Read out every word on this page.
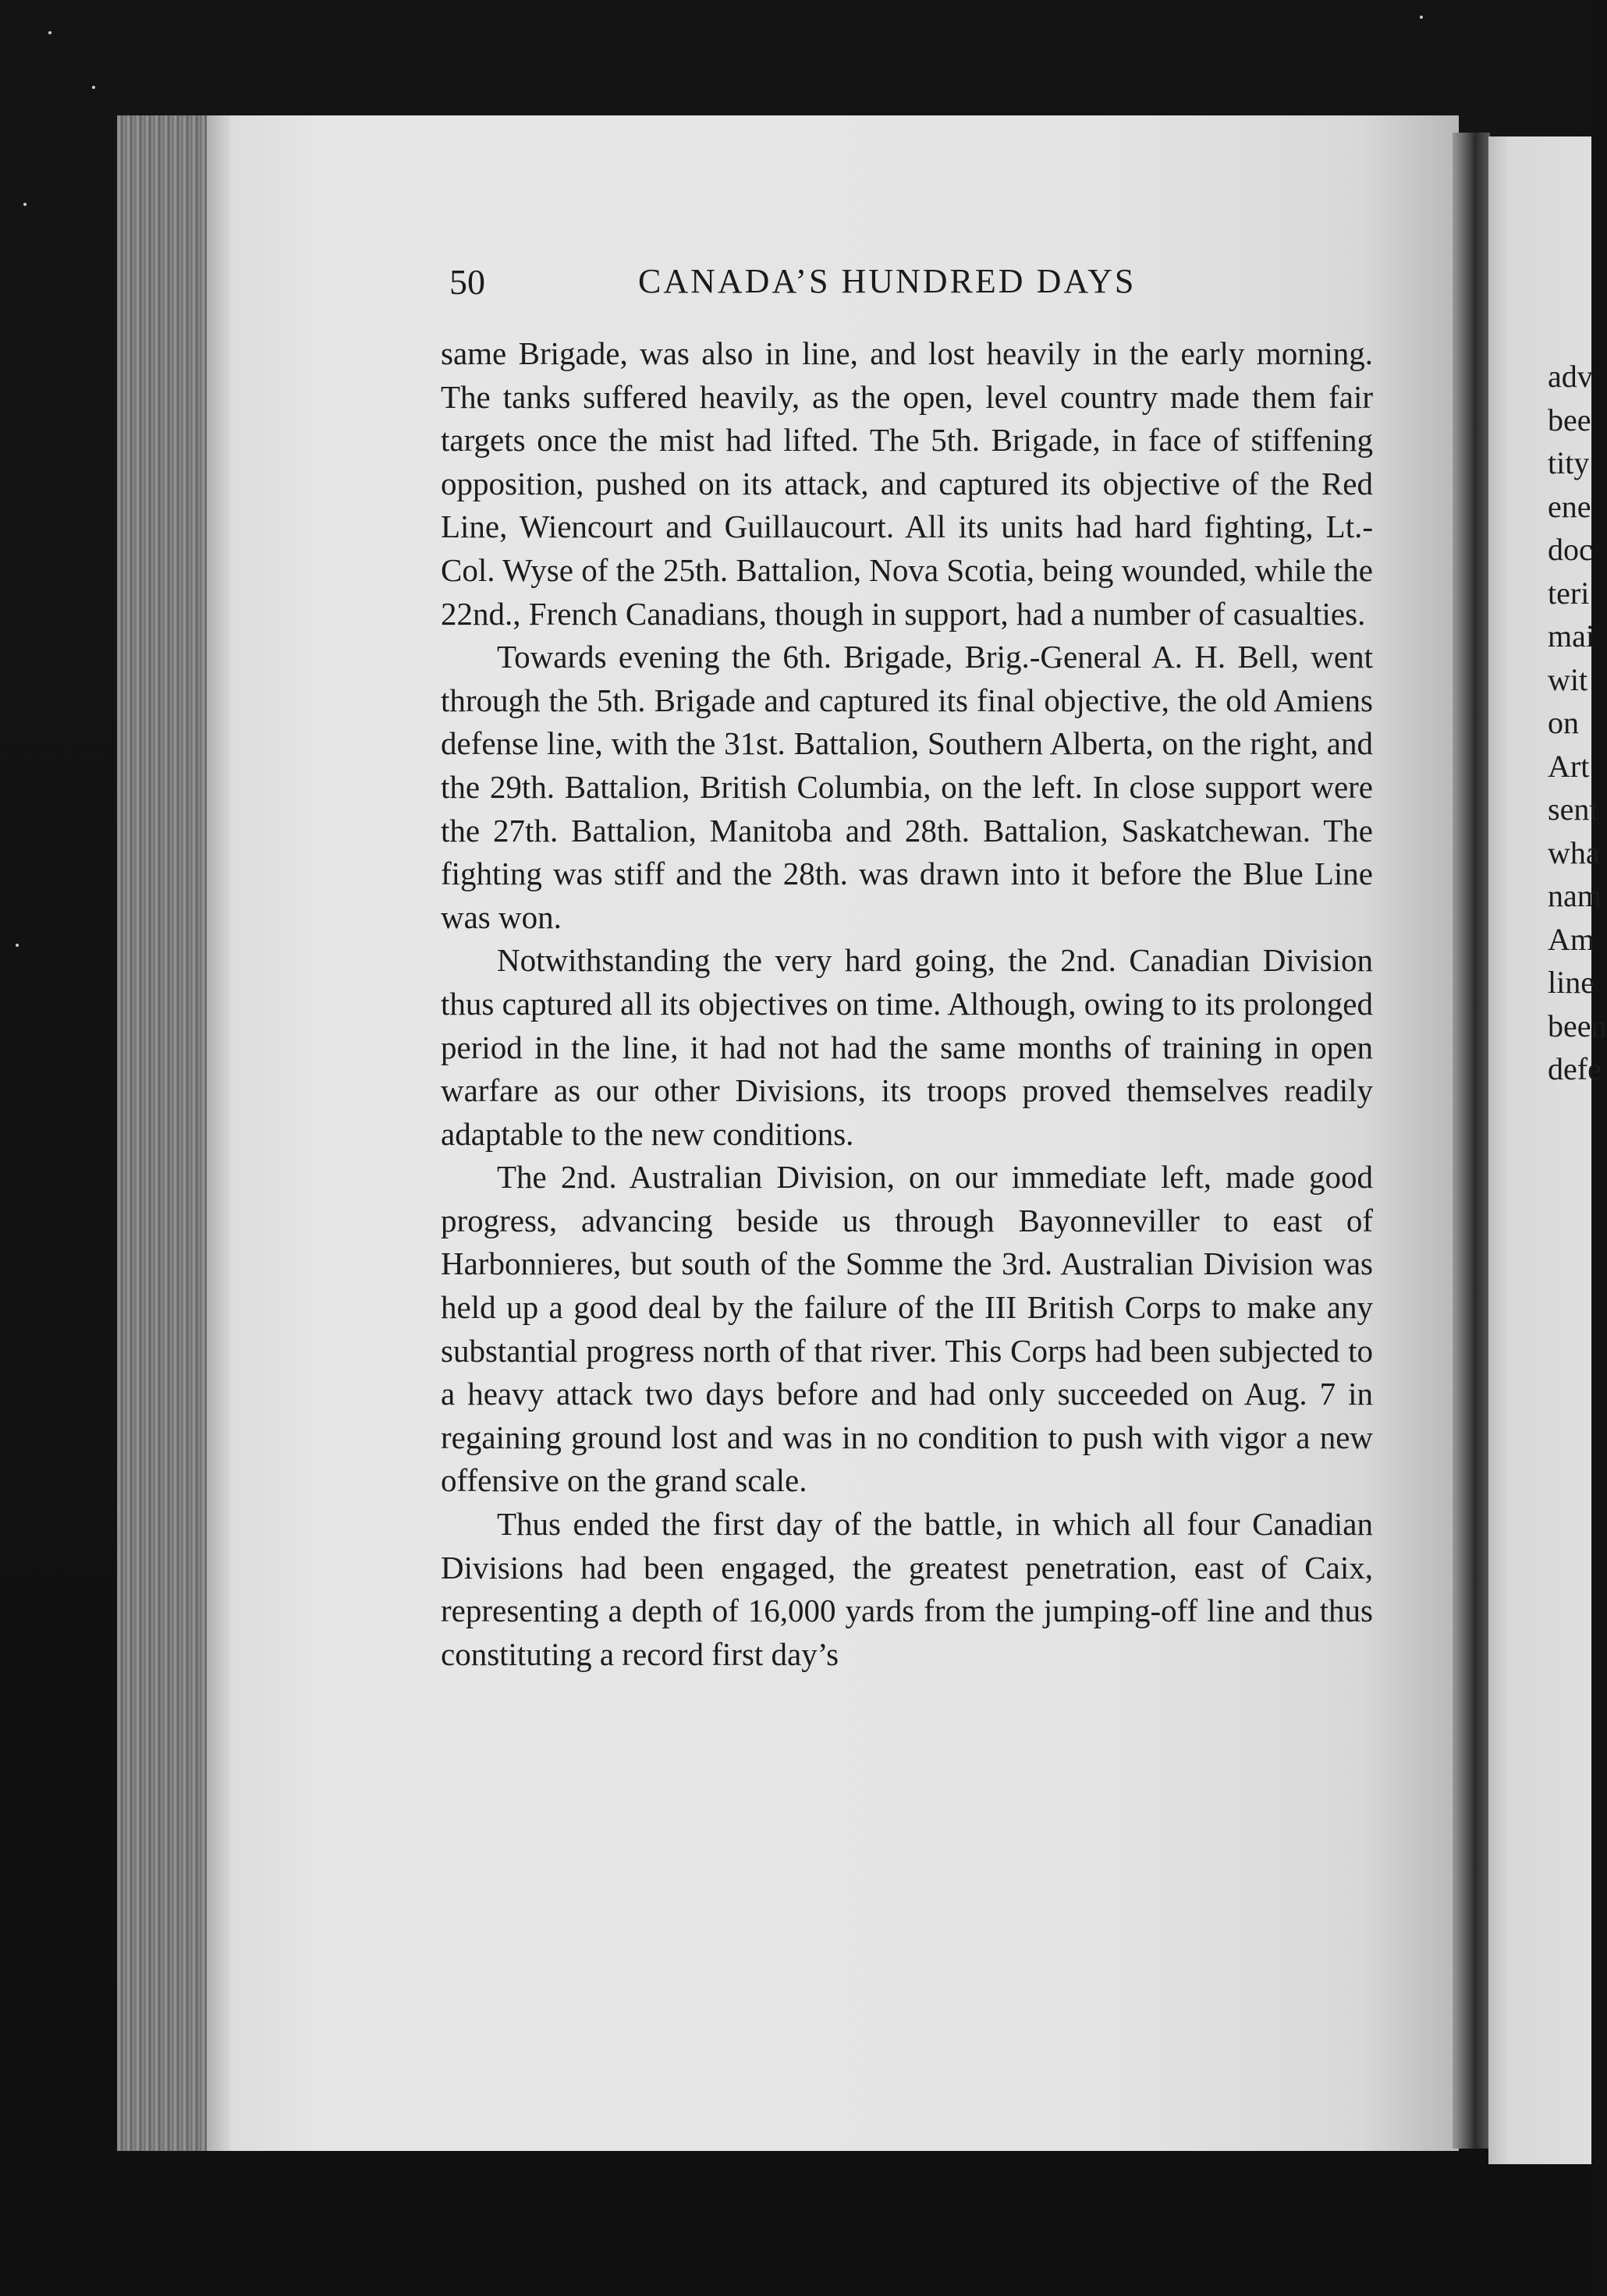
50	CANADA’S HUNDRED DAYS

same Brigade, was also in line, and lost heavily in the early morning. The tanks suffered heavily, as the open, level country made them fair targets once the mist had lifted. The 5th. Brigade, in face of stiffening opposition, pushed on its attack, and captured its objective of the Red Line, Wiencourt and Guillaucourt. All its units had hard fighting, Lt.-Col. Wyse of the 25th. Battalion, Nova Scotia, being wounded, while the 22nd., French Canadians, though in support, had a number of casualties.

Towards evening the 6th. Brigade, Brig.-General A. H. Bell, went through the 5th. Brigade and captured its final objective, the old Amiens defense line, with the 31st. Battalion, Southern Alberta, on the right, and the 29th. Battalion, British Columbia, on the left. In close support were the 27th. Battalion, Manitoba and 28th. Battalion, Saskatchewan. The fighting was stiff and the 28th. was drawn into it before the Blue Line was won.

Notwithstanding the very hard going, the 2nd. Canadian Division thus captured all its objectives on time. Although, owing to its prolonged period in the line, it had not had the same months of training in open warfare as our other Divisions, its troops proved themselves readily adaptable to the new conditions.

The 2nd. Australian Division, on our immediate left, made good progress, advancing beside us through Bayonneviller to east of Harbonnieres, but south of the Somme the 3rd. Australian Division was held up a good deal by the failure of the III British Corps to make any substantial progress north of that river. This Corps had been subjected to a heavy attack two days before and had only succeeded on Aug. 7 in regaining ground lost and was in no condition to push with vigor a new offensive on the grand scale.

Thus ended the first day of the battle, in which all four Canadian Divisions had been engaged, the greatest penetration, east of Caix, representing a depth of 16,000 yards from the jumping-off line and thus constituting a record first day’s

adv
bee
tity
ene
doc
teri
mai
wit
on
Art
sent
wha
nam
Am
line
been
defe
